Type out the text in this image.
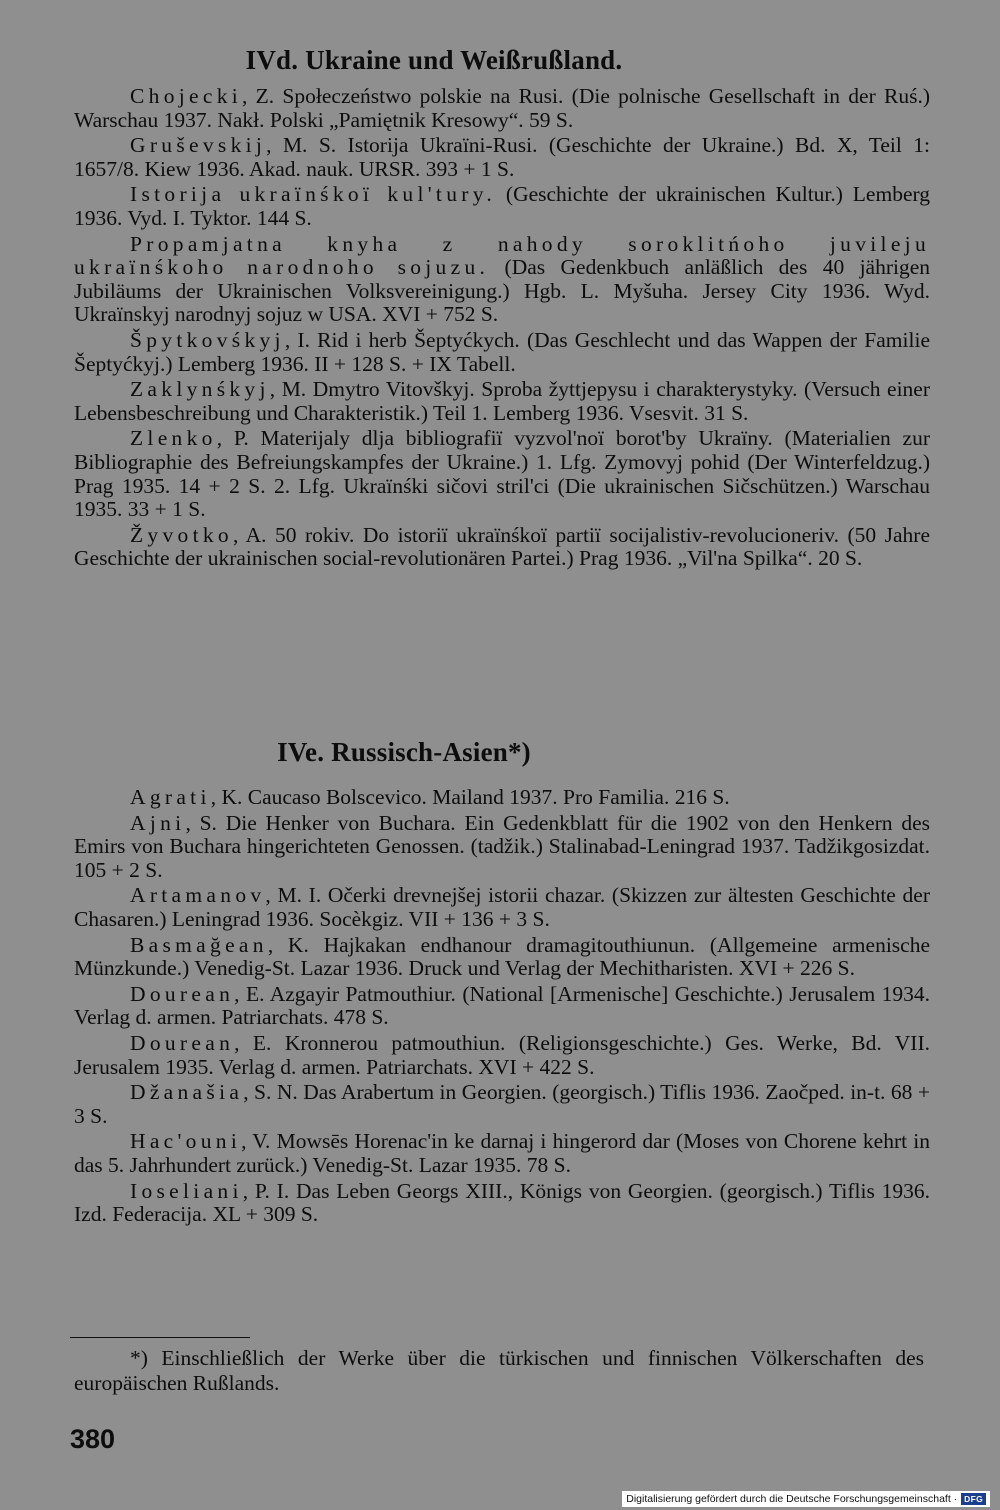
IVd. Ukraine und Weißrußland.

Chojecki, Z. Społeczeństwo polskie na Rusi. (Die polnische Gesellschaft in der Ruś.) Warschau 1937. Nakł. Polski „Pamiętnik Kresowy“. 59 S.

Gruševskij, M. S. Istorija Ukraïni-Rusi. (Geschichte der Ukraine.) Bd. X, Teil 1: 1657/8. Kiew 1936. Akad. nauk. URSR. 393 + 1 S.

Istorija ukraïnśkoï kul'tury. (Geschichte der ukrainischen Kultur.) Lemberg 1936. Vyd. I. Tyktor. 144 S.

Propamjatna knyha z nahody soroklitńoho juvileju ukraïnśkoho narodnoho sojuzu. (Das Gedenkbuch anläßlich des 40 jährigen Jubiläums der Ukrainischen Volksvereinigung.) Hgb. L. Myšuha. Jersey City 1936. Wyd. Ukraïnskyj narodnyj sojuz w USA. XVI + 752 S.

Špytkovśkyj, I. Rid i herb Šeptyćkych. (Das Geschlecht und das Wappen der Familie Šeptyćkyj.) Lemberg 1936. II + 128 S. + IX Tabell.

Zaklynśkyj, M. Dmytro Vitovškyj. Sproba žyttjepysu i charakterystyky. (Versuch einer Lebensbeschreibung und Charakteristik.) Teil 1. Lemberg 1936. Vsesvit. 31 S.

Zlenko, P. Materijaly dlja bibliografiï vyzvol'noï borot'by Ukraïny. (Materialien zur Bibliographie des Befreiungskampfes der Ukraine.) 1. Lfg. Zymovyj pohid (Der Winterfeldzug.) Prag 1935. 14 + 2 S. 2. Lfg. Ukraïnśki sičovi stril'ci (Die ukrainischen Sičschützen.) Warschau 1935. 33 + 1 S.

Žyvotko, A. 50 rokiv. Do istoriï ukraïnśkoï partiï socijalistiv-revolucioneriv. (50 Jahre Geschichte der ukrainischen social-revolutionären Partei.) Prag 1936. „Vil'na Spilka“. 20 S.

IVe. Russisch-Asien*)

Agrati, K. Caucaso Bolscevico. Mailand 1937. Pro Familia. 216 S.

Ajni, S. Die Henker von Buchara. Ein Gedenkblatt für die 1902 von den Henkern des Emirs von Buchara hingerichteten Genossen. (tadžik.) Stalinabad-Leningrad 1937. Tadžikgosizdat. 105 + 2 S.

Artamanov, M. I. Očerki drevnejšej istorii chazar. (Skizzen zur ältesten Geschichte der Chasaren.) Leningrad 1936. Socèkgiz. VII + 136 + 3 S.

Basmağean, K. Hajkakan endhanour dramagitouthiunun. (Allgemeine armenische Münzkunde.) Venedig-St. Lazar 1936. Druck und Verlag der Mechitharisten. XVI + 226 S.

Dourean, E. Azgayir Patmouthiur. (National [Armenische] Geschichte.) Jerusalem 1934. Verlag d. armen. Patriarchats. 478 S.

Dourean, E. Kronnerou patmouthiun. (Religionsgeschichte.) Ges. Werke, Bd. VII. Jerusalem 1935. Verlag d. armen. Patriarchats. XVI + 422 S.

Džanašia, S. N. Das Arabertum in Georgien. (georgisch.) Tiflis 1936. Zaočped. in-t. 68 + 3 S.

Hac'ouni, V. Mowsēs Horenac'in ke darnaj i hingerord dar (Moses von Chorene kehrt in das 5. Jahrhundert zurück.) Venedig-St. Lazar 1935. 78 S.

Ioseliani, P. I. Das Leben Georgs XIII., Königs von Georgien. (georgisch.) Tiflis 1936. Izd. Federacija. XL + 309 S.

*) Einschließlich der Werke über die türkischen und finnischen Völkerschaften des europäischen Rußlands.
380
Digitalisierung gefördert durch die Deutsche Forschungsgemeinschaft · DFG
